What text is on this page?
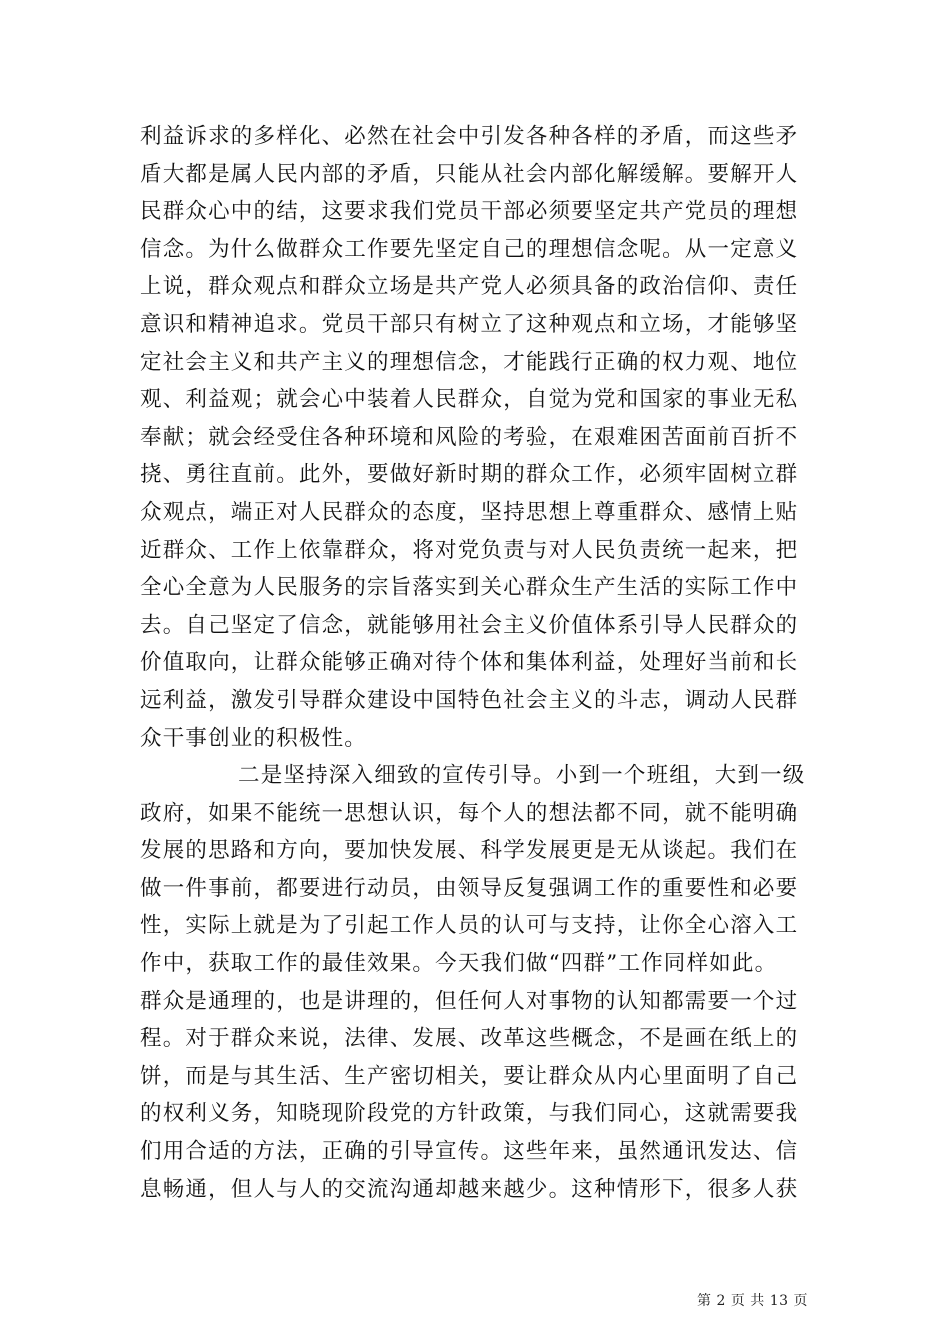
利益诉求的多样化、必然在社会中引发各种各样的矛盾，而这些矛
盾大都是属人民内部的矛盾，只能从社会内部化解缓解。要解开人
民群众心中的结，这要求我们党员干部必须要坚定共产党员的理想
信念。为什么做群众工作要先坚定自己的理想信念呢。从一定意义
上说，群众观点和群众立场是共产党人必须具备的政治信仰、责任
意识和精神追求。党员干部只有树立了这种观点和立场，才能够坚
定社会主义和共产主义的理想信念，才能践行正确的权力观、地位
观、利益观；就会心中装着人民群众，自觉为党和国家的事业无私
奉献；就会经受住各种环境和风险的考验，在艰难困苦面前百折不
挠、勇往直前。此外，要做好新时期的群众工作，必须牢固树立群
众观点，端正对人民群众的态度，坚持思想上尊重群众、感情上贴
近群众、工作上依靠群众，将对党负责与对人民负责统一起来，把
全心全意为人民服务的宗旨落实到关心群众生产生活的实际工作中
去。自己坚定了信念，就能够用社会主义价值体系引导人民群众的
价值取向，让群众能够正确对待个体和集体利益，处理好当前和长
远利益，激发引导群众建设中国特色社会主义的斗志，调动人民群
众干事创业的积极性。
二是坚持深入细致的宣传引导。小到一个班组，大到一级
政府，如果不能统一思想认识，每个人的想法都不同，就不能明确
发展的思路和方向，要加快发展、科学发展更是无从谈起。我们在
做一件事前，都要进行动员，由领导反复强调工作的重要性和必要
性，实际上就是为了引起工作人员的认可与支持，让你全心溶入工
作中，获取工作的最佳效果。今天我们做“四群”工作同样如此。
群众是通理的，也是讲理的，但任何人对事物的认知都需要一个过
程。对于群众来说，法律、发展、改革这些概念，不是画在纸上的
饼，而是与其生活、生产密切相关，要让群众从内心里面明了自己
的权利义务，知晓现阶段党的方针政策，与我们同心，这就需要我
们用合适的方法，正确的引导宣传。这些年来，虽然通讯发达、信
息畅通，但人与人的交流沟通却越来越少。这种情形下，很多人获
第 2 页 共 13 页
